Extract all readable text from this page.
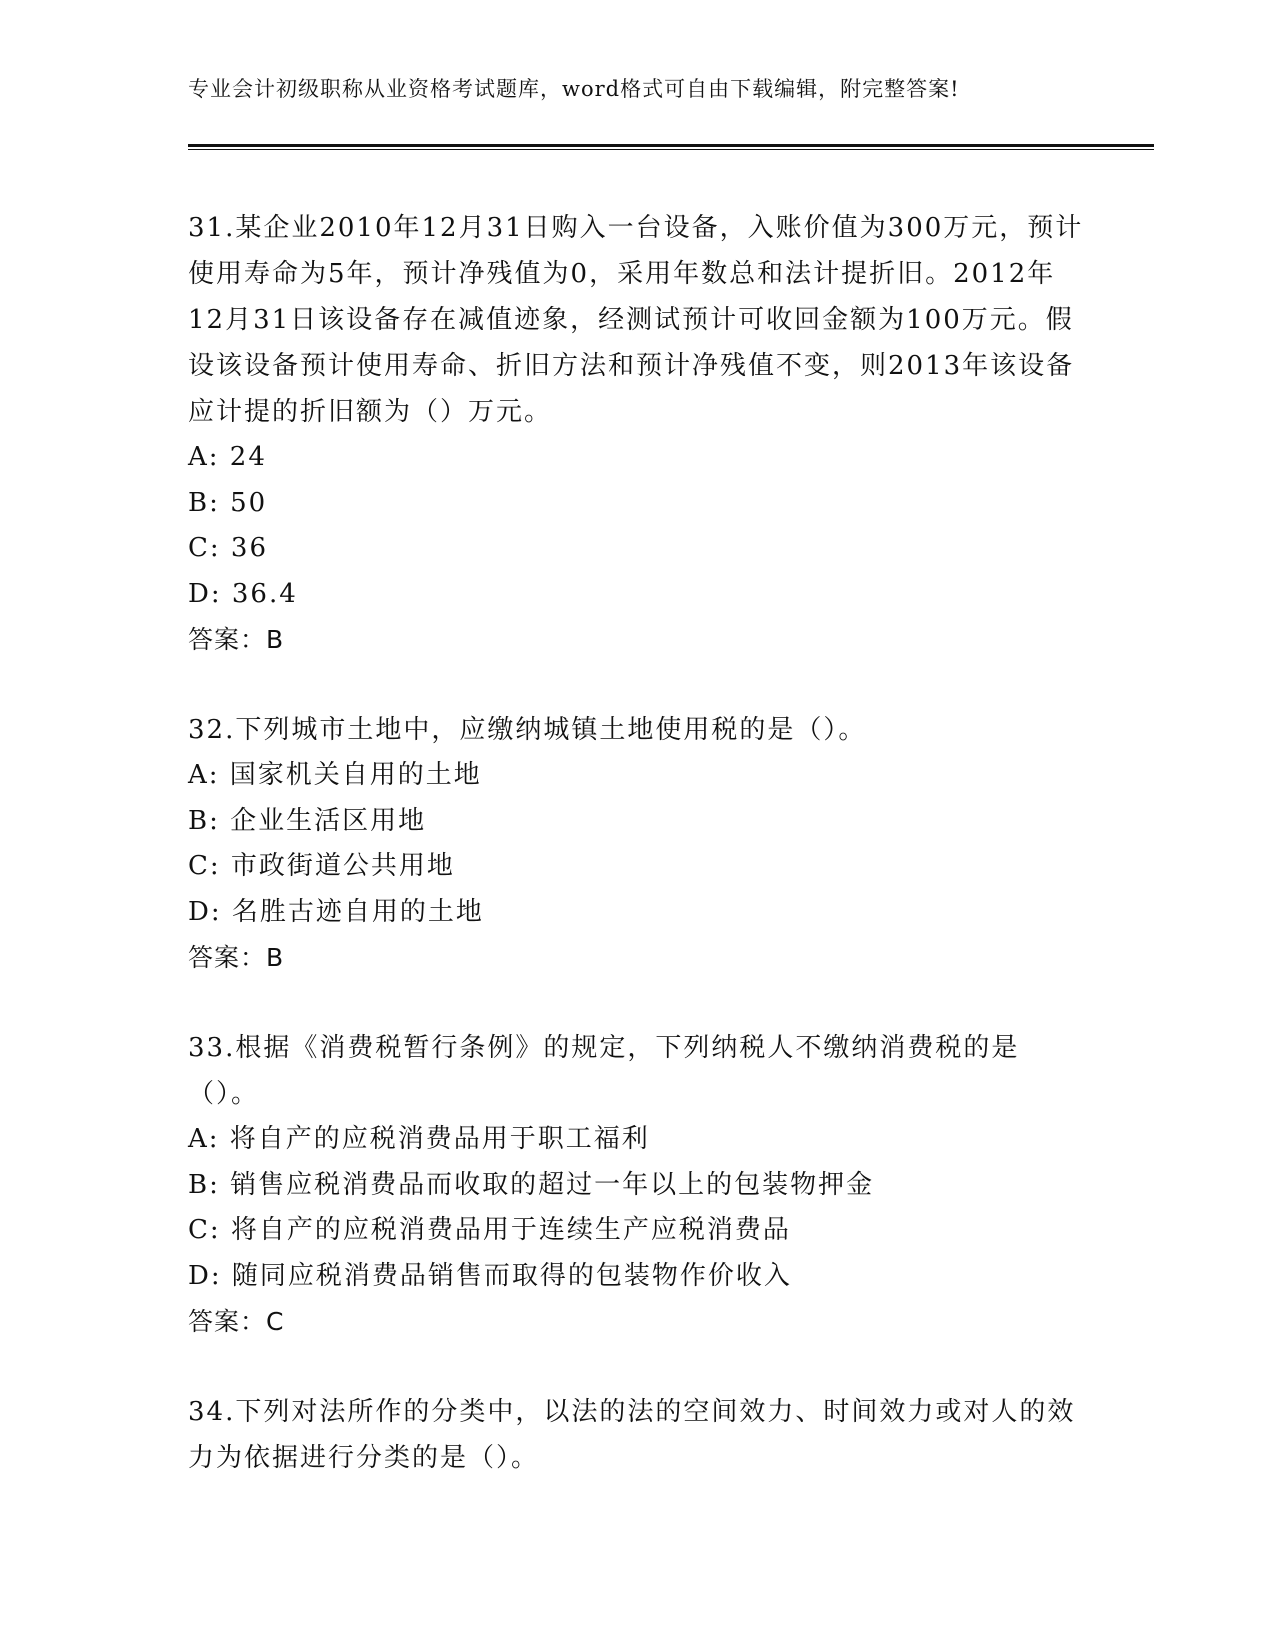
专业会计初级职称从业资格考试题库，word格式可自由下载编辑，附完整答案!

31.某企业2010年12月31日购入一台设备，入账价值为300万元，预计使用寿命为5年，预计净残值为0，采用年数总和法计提折旧。2012年12月31日该设备存在减值迹象，经测试预计可收回金额为100万元。假设该设备预计使用寿命、折旧方法和预计净残值不变，则2013年该设备应计提的折旧额为（）万元。

A: 24

B: 50

C: 36

D: 36.4

答案：B

32.下列城市土地中，应缴纳城镇土地使用税的是（）。

A: 国家机关自用的土地

B: 企业生活区用地

C: 市政街道公共用地

D: 名胜古迹自用的土地

答案：B

33.根据《消费税暂行条例》的规定，下列纳税人不缴纳消费税的是（）。

A: 将自产的应税消费品用于职工福利

B: 销售应税消费品而收取的超过一年以上的包装物押金

C: 将自产的应税消费品用于连续生产应税消费品

D: 随同应税消费品销售而取得的包装物作价收入

答案：C

34.下列对法所作的分类中，以法的法的空间效力、时间效力或对人的效力为依据进行分类的是（）。
